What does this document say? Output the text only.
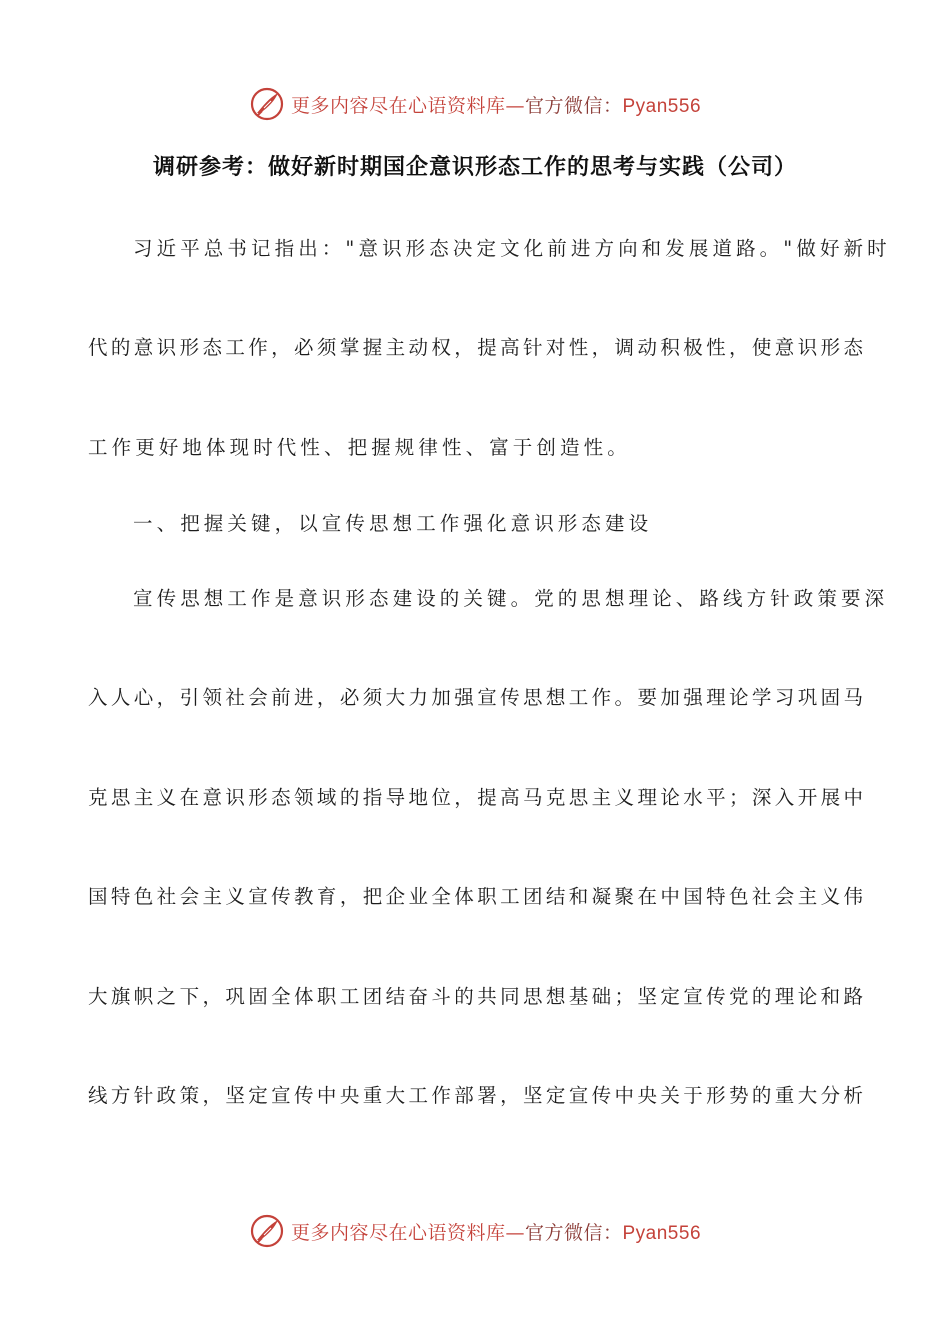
更多内容尽在心语资料库—官方微信：Pyan556
调研参考：做好新时期国企意识形态工作的思考与实践（公司）
习近平总书记指出："意识形态决定文化前进方向和发展道路。"做好新时
代的意识形态工作，必须掌握主动权，提高针对性，调动积极性，使意识形态
工作更好地体现时代性、把握规律性、富于创造性。
一、把握关键，以宣传思想工作强化意识形态建设
宣传思想工作是意识形态建设的关键。党的思想理论、路线方针政策要深
入人心，引领社会前进，必须大力加强宣传思想工作。要加强理论学习巩固马
克思主义在意识形态领域的指导地位，提高马克思主义理论水平；深入开展中
国特色社会主义宣传教育，把企业全体职工团结和凝聚在中国特色社会主义伟
大旗帜之下，巩固全体职工团结奋斗的共同思想基础；坚定宣传党的理论和路
线方针政策，坚定宣传中央重大工作部署，坚定宣传中央关于形势的重大分析
更多内容尽在心语资料库—官方微信：Pyan556
